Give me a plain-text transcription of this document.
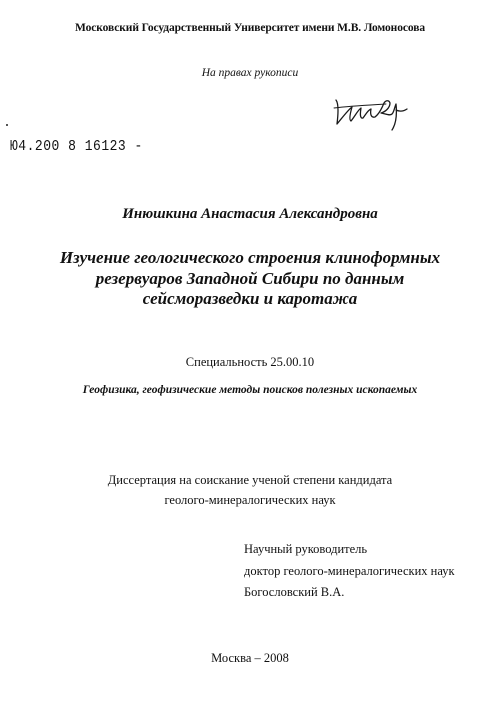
Московский Государственный Университет имени М.В. Ломоносова
На правах рукописи
Ю4.200 8 16123 -
Инюшкина Анастасия Александровна
Изучение геологического строения клиноформных
резервуаров Западной Сибири по данным
сейсморазведки и каротажа
Специальность 25.00.10
Геофизика, геофизические методы поисков полезных ископаемых
Диссертация на соискание ученой степени кандидата
геолого-минералогических наук
Научный руководитель
доктор геолого-минералогических наук
Богословский В.А.
Москва – 2008
